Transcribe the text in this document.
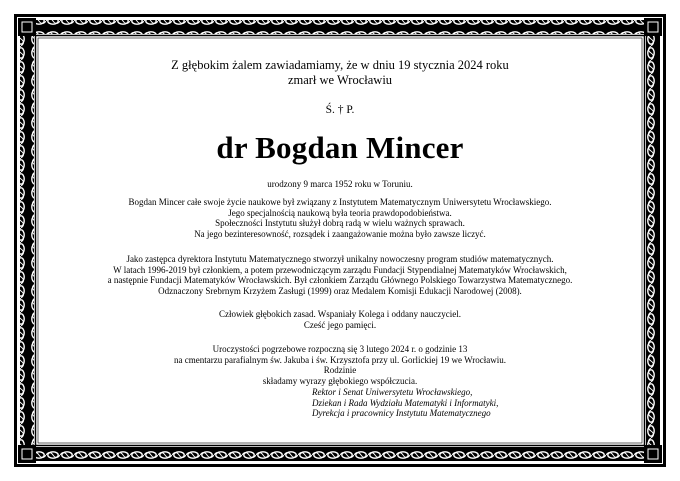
Z głębokim żalem zawiadamiamy, że w dniu 19 stycznia 2024 roku
zmarł we Wrocławiu
Ś. † P.
dr Bogdan Mincer
urodzony 9 marca 1952 roku w Toruniu.
Bogdan Mincer całe swoje życie naukowe był związany z Instytutem Matematycznym Uniwersytetu Wrocławskiego.
Jego specjalnością naukową była teoria prawdopodobieństwa.
Społeczności Instytutu służył dobrą radą w wielu ważnych sprawach.
Na jego bezinteresowność, rozsądek i zaangażowanie można było zawsze liczyć.
Jako zastępca dyrektora Instytutu Matematycznego stworzył unikalny nowoczesny program studiów matematycznych.
W latach 1996-2019 był członkiem, a potem przewodniczącym zarządu Fundacji Stypendialnej Matematyków Wrocławskich,
a następnie Fundacji Matematyków Wrocławskich. Był członkiem Zarządu Głównego Polskiego Towarzystwa Matematycznego.
Odznaczony Srebrnym Krzyżem Zasługi (1999) oraz Medalem Komisji Edukacji Narodowej (2008).
Człowiek głębokich zasad. Wspaniały Kolega i oddany nauczyciel.
Cześć jego pamięci.
Uroczystości pogrzebowe rozpoczną się 3 lutego 2024 r. o godzinie 13
na cmentarzu parafialnym św. Jakuba i św. Krzysztofa przy ul. Gorlickiej 19 we Wrocławiu.
Rodzinie
składamy wyrazy głębokiego współczucia.
Rektor i Senat Uniwersytetu Wrocławskiego,
Dziekan i Rada Wydziału Matematyki i Informatyki,
Dyrekcja i pracownicy Instytutu Matematycznego
